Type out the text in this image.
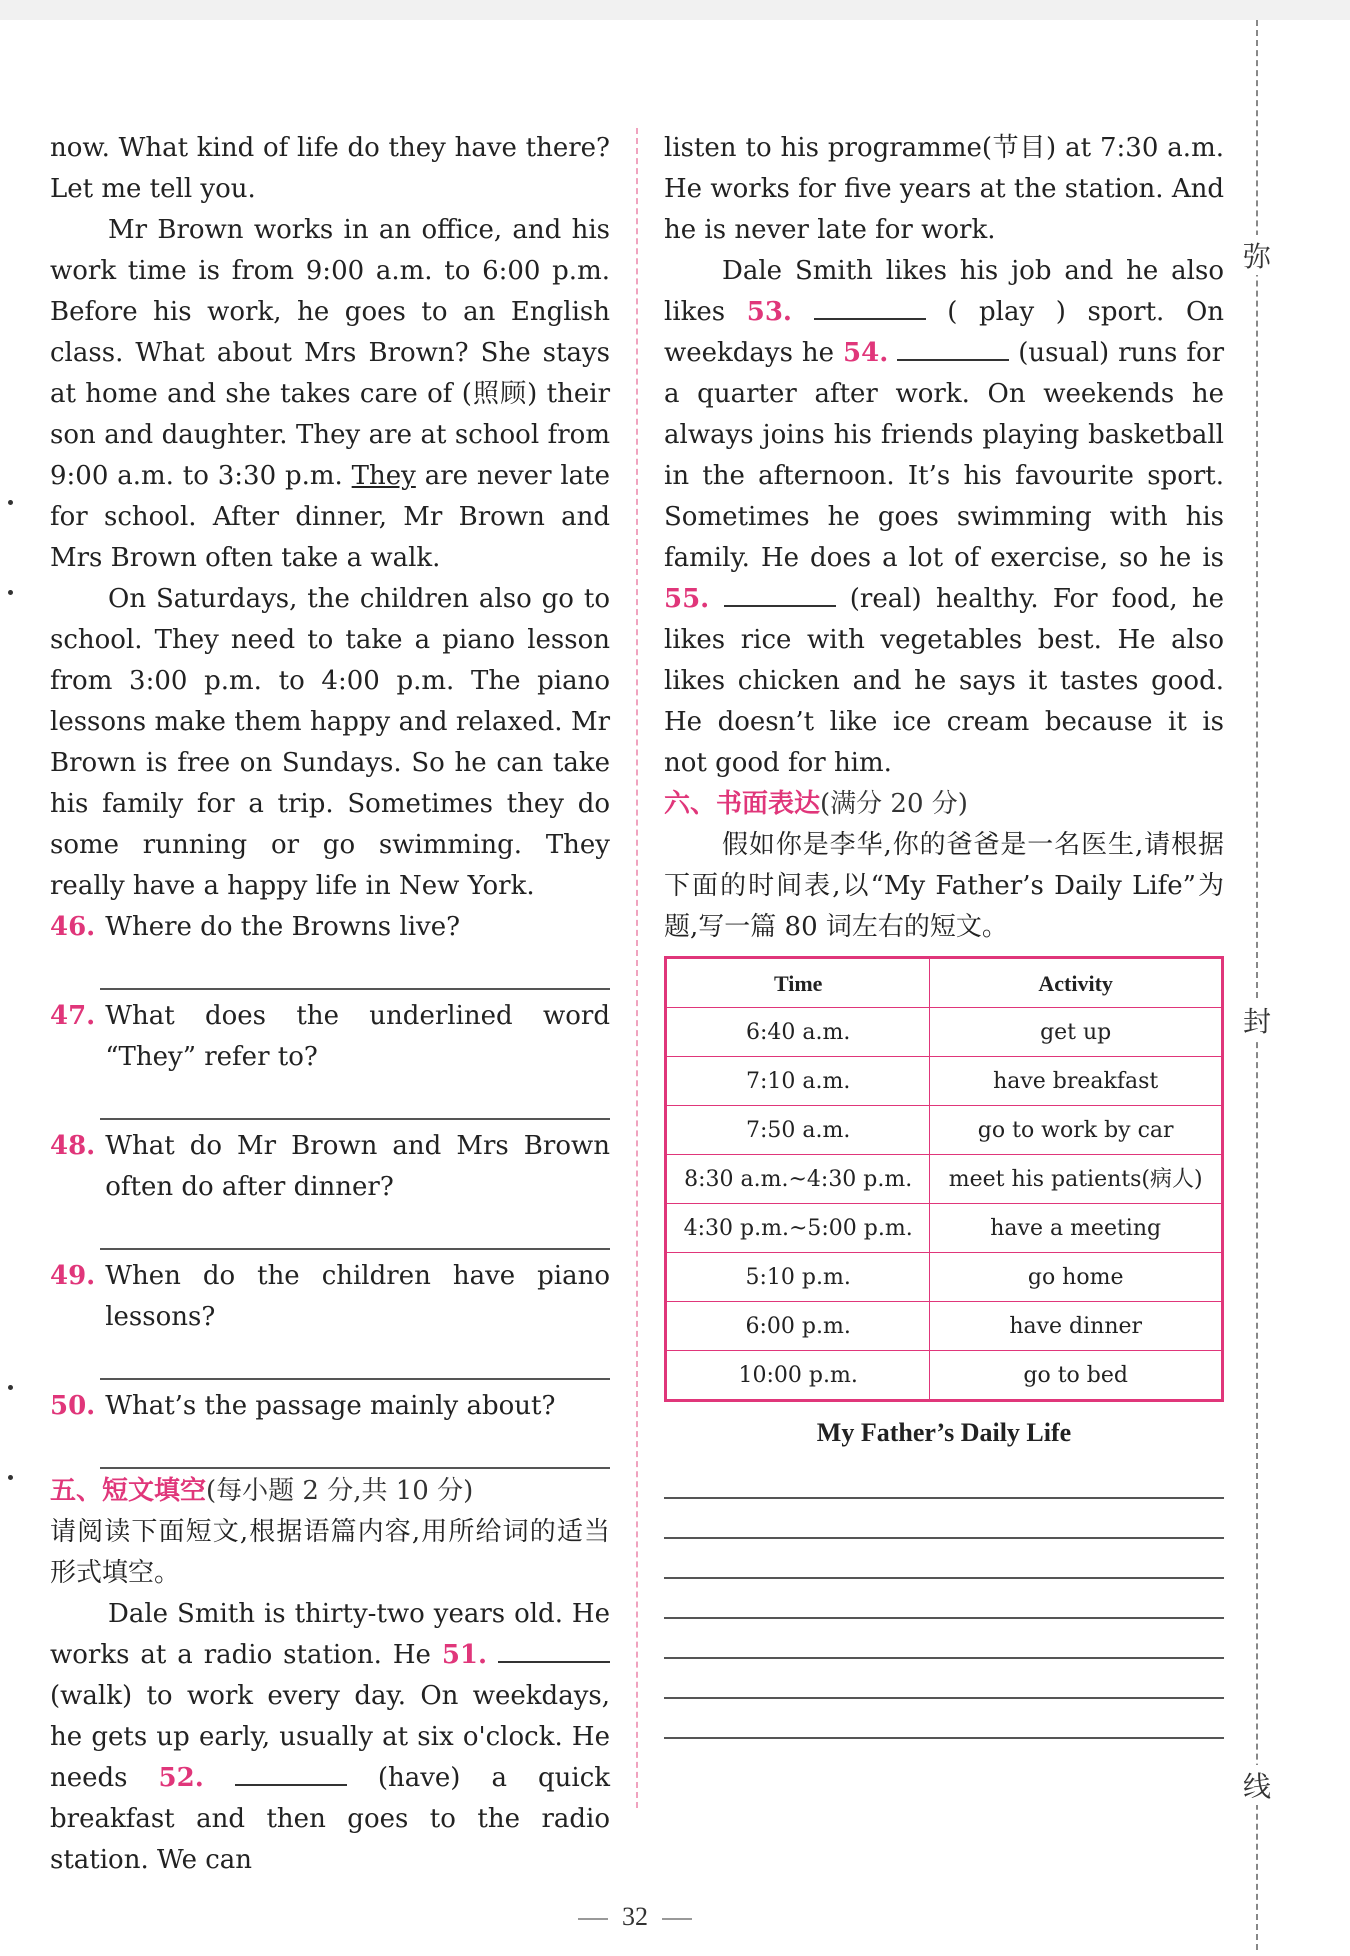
now. What kind of life do they have there? Let me tell you.

Mr Brown works in an office, and his work time is from 9:00 a.m. to 6:00 p.m. Before his work, he goes to an English class. What about Mrs Brown? She stays at home and she takes care of (照顾) their son and daughter. They are at school from 9:00 a.m. to 3:30 p.m. They are never late for school. After dinner, Mr Brown and Mrs Brown often take a walk.

On Saturdays, the children also go to school. They need to take a piano lesson from 3:00 p.m. to 4:00 p.m. The piano lessons make them happy and relaxed. Mr Brown is free on Sundays. So he can take his family for a trip. Sometimes they do some running or go swimming. They really have a happy life in New York.

46. Where do the Browns live?
47. What does the underlined word “They” refer to?
48. What do Mr Brown and Mrs Brown often do after dinner?
49. When do the children have piano lessons?
50. What’s the passage mainly about?

五、短文填空(每小题 2 分,共 10 分)

请阅读下面短文,根据语篇内容,用所给词的适当形式填空。

Dale Smith is thirty-two years old. He works at a radio station. He 51.  (walk) to work every day. On weekdays, he gets up early, usually at six o'clock. He needs 52.	(have) a quick breakfast and then goes to the radio station. We can

listen to his programme(节目) at 7:30 a.m. He works for five years at the station. And he is never late for work.

Dale Smith likes his job and he also likes 53.	( play ) sport. On weekdays he 54.	(usual) runs for a quarter after work. On weekends he always joins his friends playing basketball in the afternoon. It’s his favourite sport. Sometimes he goes swimming with his family. He does a lot of exercise, so he is 55.	(real) healthy. For food, he likes rice with vegetables best. He also likes chicken and he says it tastes good. He doesn’t like ice cream because it is not good for him.

六、书面表达(满分 20 分)

假如你是李华,你的爸爸是一名医生,请根据下面的时间表,以“My Father’s Daily Life”为题,写一篇 80 词左右的短文。

Time	Activity
6:40 a.m.	get up
7:10 a.m.	have breakfast
7:50 a.m.	go to work by car
8:30 a.m.~4:30 p.m.	meet his patients(病人)
4:30 p.m.~5:00 p.m.	have a meeting
5:10 p.m.	go home
6:00 p.m.	have dinner
10:00 p.m.	go to bed
My Father’s Daily Life
弥
封
线
32
